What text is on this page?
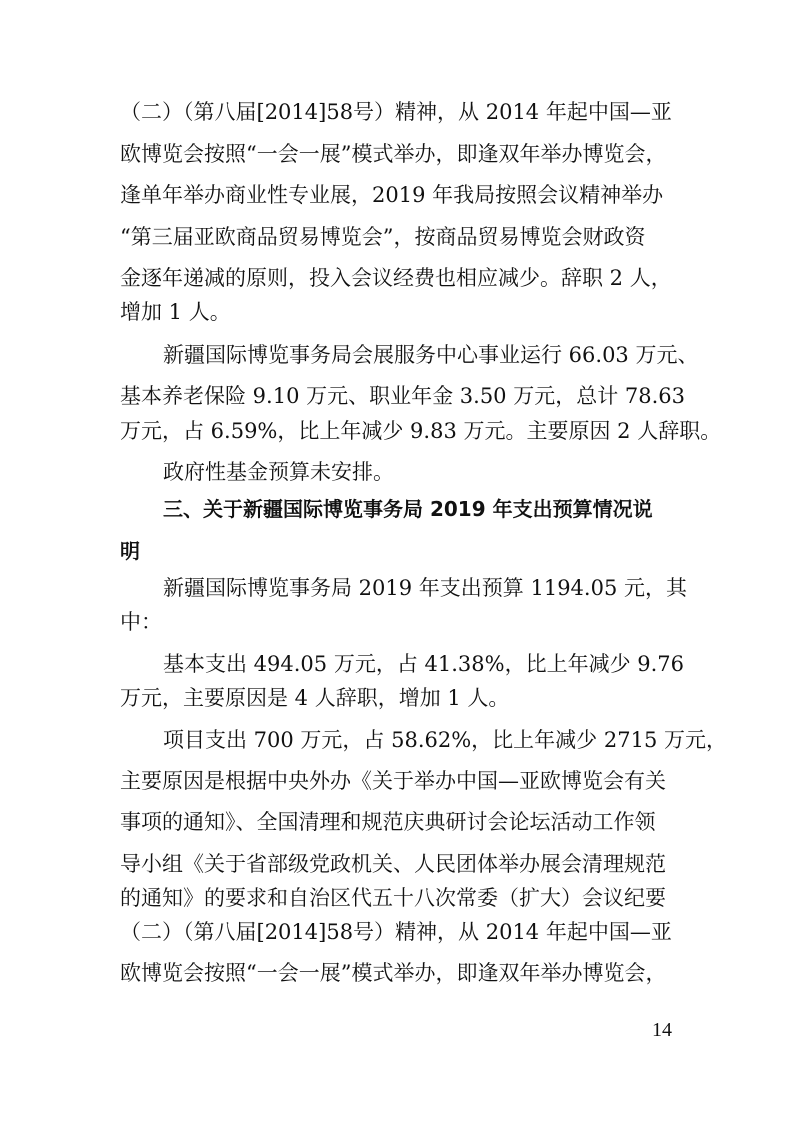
（二）（第八届[2014]58号）精神，从 2014 年起中国—亚
欧博览会按照“一会一展”模式举办，即逢双年举办博览会，
逢单年举办商业性专业展，2019 年我局按照会议精神举办
“第三届亚欧商品贸易博览会”，按商品贸易博览会财政资
金逐年递减的原则，投入会议经费也相应减少。辞职 2 人，
增加 1 人。
新疆国际博览事务局会展服务中心事业运行 66.03 万元、
基本养老保险 9.10 万元、职业年金 3.50 万元，总计 78.63
万元，占 6.59%，比上年减少 9.83 万元。主要原因 2 人辞职。
政府性基金预算未安排。
三、关于新疆国际博览事务局 2019 年支出预算情况说
明
新疆国际博览事务局 2019 年支出预算 1194.05 元，其
中：
基本支出 494.05 万元，占 41.38%，比上年减少 9.76
万元，主要原因是 4 人辞职，增加 1 人。
项目支出 700 万元，占 58.62%，比上年减少 2715 万元，
主要原因是根据中央外办《关于举办中国—亚欧博览会有关
事项的通知》、全国清理和规范庆典研讨会论坛活动工作领
导小组《关于省部级党政机关、人民团体举办展会清理规范
的通知》的要求和自治区代五十八次常委（扩大）会议纪要
（二）（第八届[2014]58号）精神，从 2014 年起中国—亚
欧博览会按照“一会一展”模式举办，即逢双年举办博览会，
14
